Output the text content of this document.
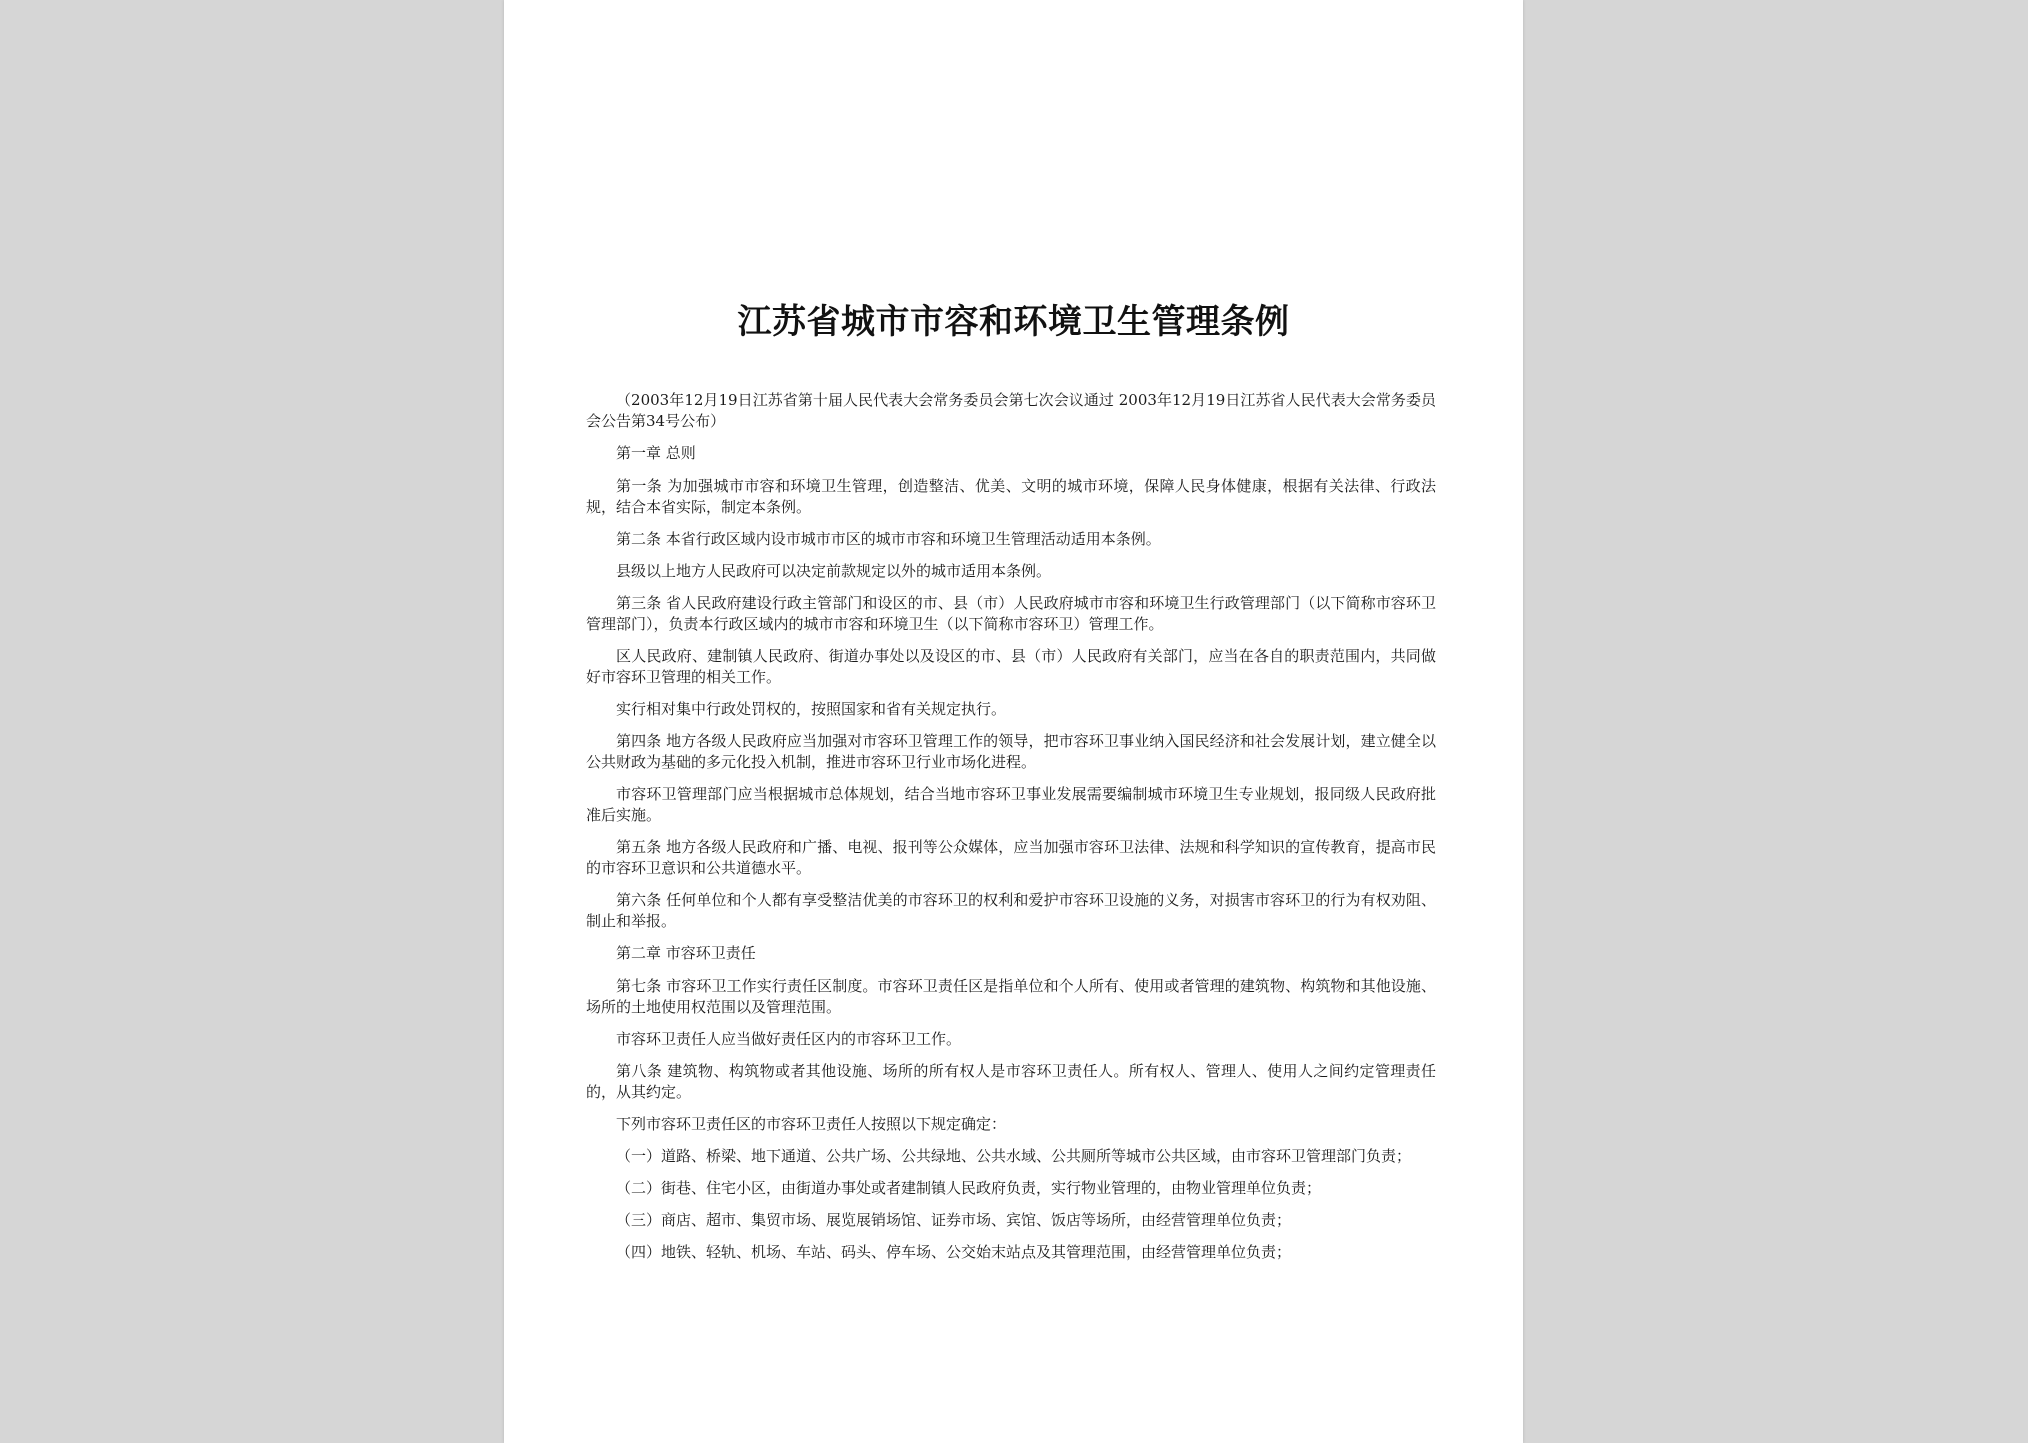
江苏省城市市容和环境卫生管理条例

（2003年12月19日江苏省第十届人民代表大会常务委员会第七次会议通过 2003年12月19日江苏省人民代表大会常务委员会公告第34号公布）

第一章 总则

第一条 为加强城市市容和环境卫生管理，创造整洁、优美、文明的城市环境，保障人民身体健康，根据有关法律、行政法规，结合本省实际，制定本条例。

第二条 本省行政区域内设市城市市区的城市市容和环境卫生管理活动适用本条例。

县级以上地方人民政府可以决定前款规定以外的城市适用本条例。

第三条 省人民政府建设行政主管部门和设区的市、县（市）人民政府城市市容和环境卫生行政管理部门（以下简称市容环卫管理部门），负责本行政区域内的城市市容和环境卫生（以下简称市容环卫）管理工作。

区人民政府、建制镇人民政府、街道办事处以及设区的市、县（市）人民政府有关部门，应当在各自的职责范围内，共同做好市容环卫管理的相关工作。

实行相对集中行政处罚权的，按照国家和省有关规定执行。

第四条 地方各级人民政府应当加强对市容环卫管理工作的领导，把市容环卫事业纳入国民经济和社会发展计划，建立健全以公共财政为基础的多元化投入机制，推进市容环卫行业市场化进程。

市容环卫管理部门应当根据城市总体规划，结合当地市容环卫事业发展需要编制城市环境卫生专业规划，报同级人民政府批准后实施。

第五条 地方各级人民政府和广播、电视、报刊等公众媒体，应当加强市容环卫法律、法规和科学知识的宣传教育，提高市民的市容环卫意识和公共道德水平。

第六条 任何单位和个人都有享受整洁优美的市容环卫的权利和爱护市容环卫设施的义务，对损害市容环卫的行为有权劝阻、制止和举报。

第二章 市容环卫责任

第七条 市容环卫工作实行责任区制度。市容环卫责任区是指单位和个人所有、使用或者管理的建筑物、构筑物和其他设施、场所的土地使用权范围以及管理范围。

市容环卫责任人应当做好责任区内的市容环卫工作。

第八条 建筑物、构筑物或者其他设施、场所的所有权人是市容环卫责任人。所有权人、管理人、使用人之间约定管理责任的，从其约定。

下列市容环卫责任区的市容环卫责任人按照以下规定确定：

（一）道路、桥梁、地下通道、公共广场、公共绿地、公共水域、公共厕所等城市公共区域，由市容环卫管理部门负责；

（二）街巷、住宅小区，由街道办事处或者建制镇人民政府负责，实行物业管理的，由物业管理单位负责；

（三）商店、超市、集贸市场、展览展销场馆、证券市场、宾馆、饭店等场所，由经营管理单位负责；

（四）地铁、轻轨、机场、车站、码头、停车场、公交始末站点及其管理范围，由经营管理单位负责；
